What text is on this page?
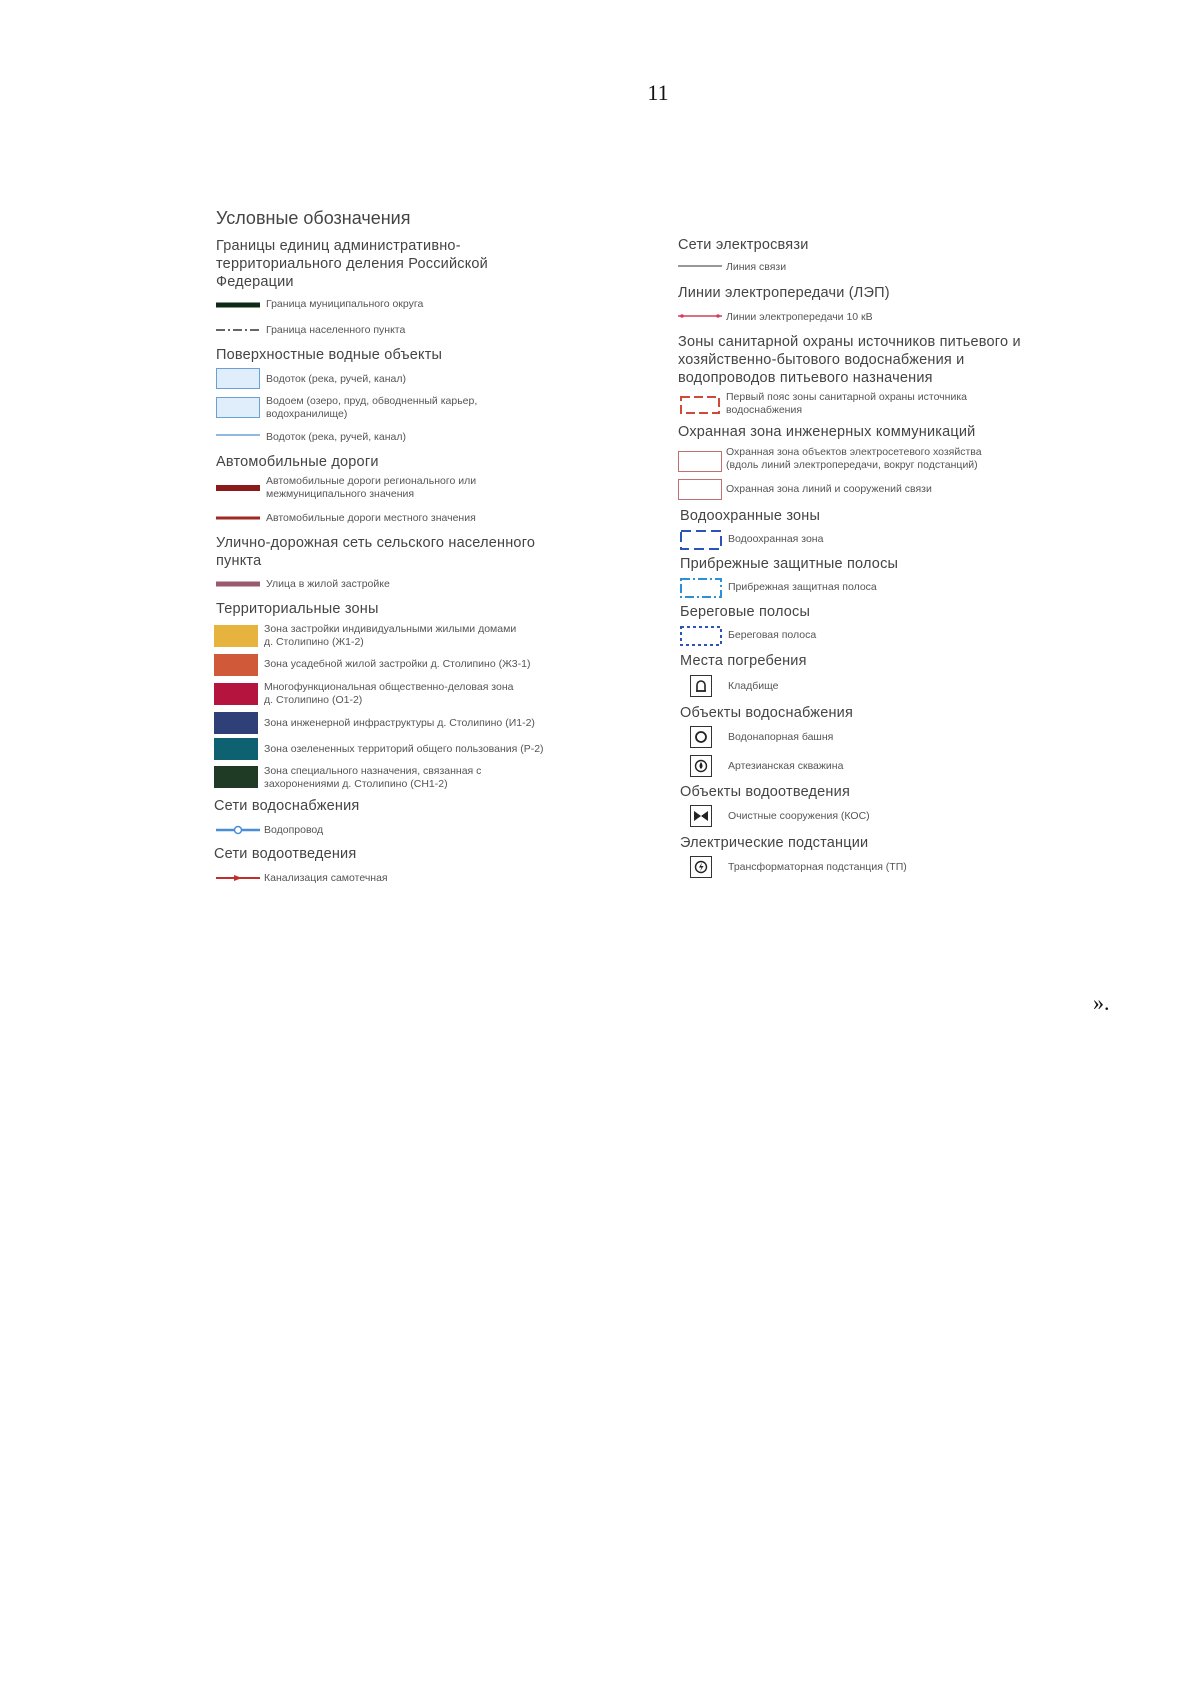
11
Условные обозначения
Границы единиц административно-
территориального деления Российской
Федерации
Граница муниципального округа
Граница населенного пункта
Поверхностные водные объекты
Водоток (река, ручей, канал)
Водоем (озеро, пруд, обводненный карьер,
водохранилище)
Водоток (река, ручей, канал)
Автомобильные дороги
Автомобильные дороги регионального или
межмуниципального значения
Автомобильные дороги местного значения
Улично-дорожная сеть сельского населенного
пункта
Улица в жилой застройке
Территориальные зоны
Зона застройки индивидуальными жилыми домами
д. Столипино (Ж1-2)
Зона усадебной жилой застройки д. Столипино (Ж3-1)
Многофункциональная общественно-деловая зона
д. Столипино (О1-2)
Зона инженерной инфраструктуры д. Столипино (И1-2)
Зона озелененных территорий общего пользования (Р-2)
Зона специального назначения, связанная с
захоронениями д. Столипино (СН1-2)
Сети водоснабжения
Водопровод
Сети водоотведения
Канализация самотечная
Сети электросвязи
Линия связи
Линии электропередачи (ЛЭП)
Линии электропередачи 10 кВ
Зоны санитарной охраны источников питьевого и
хозяйственно-бытового водоснабжения и
водопроводов питьевого назначения
Первый пояс зоны санитарной охраны источника
водоснабжения
Охранная зона инженерных коммуникаций
Охранная зона объектов электросетевого хозяйства
(вдоль линий электропередачи, вокруг подстанций)
Охранная зона линий и сооружений связи
Водоохранные зоны
Водоохранная зона
Прибрежные защитные полосы
Прибрежная защитная полоса
Береговые полосы
Береговая полоса
Места погребения
Кладбище
Объекты водоснабжения
Водонапорная башня
Артезианская скважина
Объекты водоотведения
Очистные сооружения (КОС)
Электрические подстанции
Трансформаторная подстанция (ТП)
».
